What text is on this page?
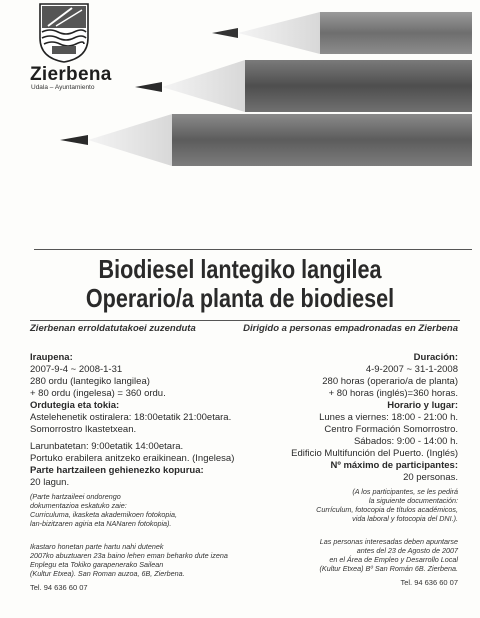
Zierbena
Udala – Ayuntamiento
Biodiesel lantegiko langilea
Operario/a planta de biodiesel
Zierbenan erroldatutakoei zuzenduta	Dirigido a personas empadronadas en Zierbena
Iraupena:

2007-9-4 ~ 2008-1-31

280 ordu (lantegiko langilea)

+ 80 ordu (ingelesa) = 360 ordu.

Ordutegia eta tokia:

Astelehenetik ostiralera: 18:00etatik 21:00etara.

Somorrostro Ikastetxean.

Larunbatetan: 9:00etatik 14:00etara.

Portuko erabilera anitzeko eraikinean. (Ingelesa)

Parte hartzaileen gehienezko kopurua:

20 lagun.

(Parte hartzaileei ondorengo
dokumentazioa eskatuko zaie:
Curriculuma, ikasketa akademikoen fotokopia,
lan-bizitzaren agiria eta NANaren fotokopia).
Ikastaro honetan parte hartu nahi dutenek
2007ko abuztuaren 23a baino lehen eman beharko dute izena
Enplegu eta Tokiko garapenerako Sailean
(Kultur Etxea). San Roman auzoa, 6B, Zierbena.
Tel. 94 636 60 07
Duración:

4-9-2007 ~ 31-1-2008

280 horas (operario/a de planta)

+ 80 horas (inglés)=360 horas.

Horario y lugar:

Lunes a viernes: 18:00 - 21:00 h.

Centro Formación Somorrostro.

Sábados: 9:00 - 14:00 h.

Edificio Multifunción del Puerto. (Inglés)

Nº máximo de participantes:

20 personas.

(A los participantes, se les pedirá
la siguiente documentación:
Currículum, fotocopia de títulos académicos,
vida laboral y fotocopia del DNI.).
Las personas interesadas deben apuntarse
antes del 23 de Agosto de 2007
en el Área de Empleo y Desarrollo Local
(Kultur Etxea) Bº San Román 6B. Zierbena.
Tel. 94 636 60 07
